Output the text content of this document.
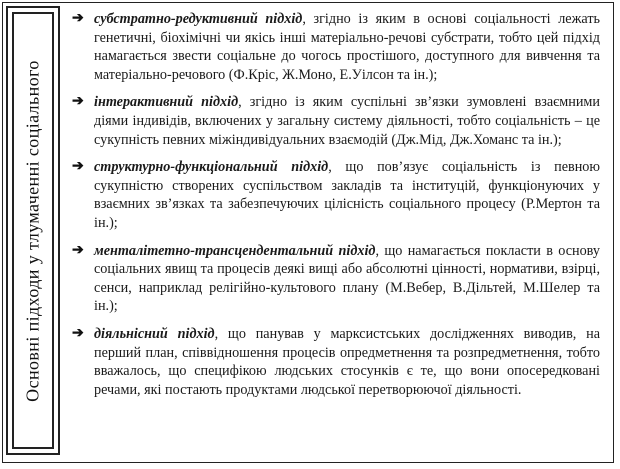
Основні підходи у тлумаченні соціального
➔ субстратно-редуктивний підхід, згідно із яким в основі соціальності лежать генетичні, біохімічні чи якісь інші матеріально-речові субстрати, тобто цей підхід намагається звести соціальне до чогось простішого, доступного для вивчення та матеріально-речового (Ф.Кріс, Ж.Моно, Е.Уілсон та ін.);
➔ інтерактивний підхід, згідно із яким суспільні зв’язки зумовлені взаємними діями індивідів, включених у загальну систему діяльності, тобто соціальність – це сукупність певних міжіндивідуальних взаємодій (Дж.Мід, Дж.Хоманс та ін.);
➔ структурно-функціональний підхід, що пов’язує соціальність із певною сукупністю створених суспільством закладів та інституцій, функціонуючих у взаємних зв’язках та забезпечуючих цілісність соціального процесу (Р.Мертон та ін.);
➔ менталітетно-трансцендентальний підхід, що намагається покласти в основу соціальних явищ та процесів деякі вищі або абсолютні цінності, нормативи, взірці, сенси, наприклад релігійно-культового плану (М.Вебер, В.Дільтей, М.Шелер та ін.);
➔ діяльнісний підхід, що панував у марксистських дослідженнях виводив, на перший план, співвідношення процесів опредметнення та розпредметнення, тобто вважалось, що специфікою людських стосунків є те, що вони опосередковані речами, які постають продуктами людської перетворюючої діяльності.
